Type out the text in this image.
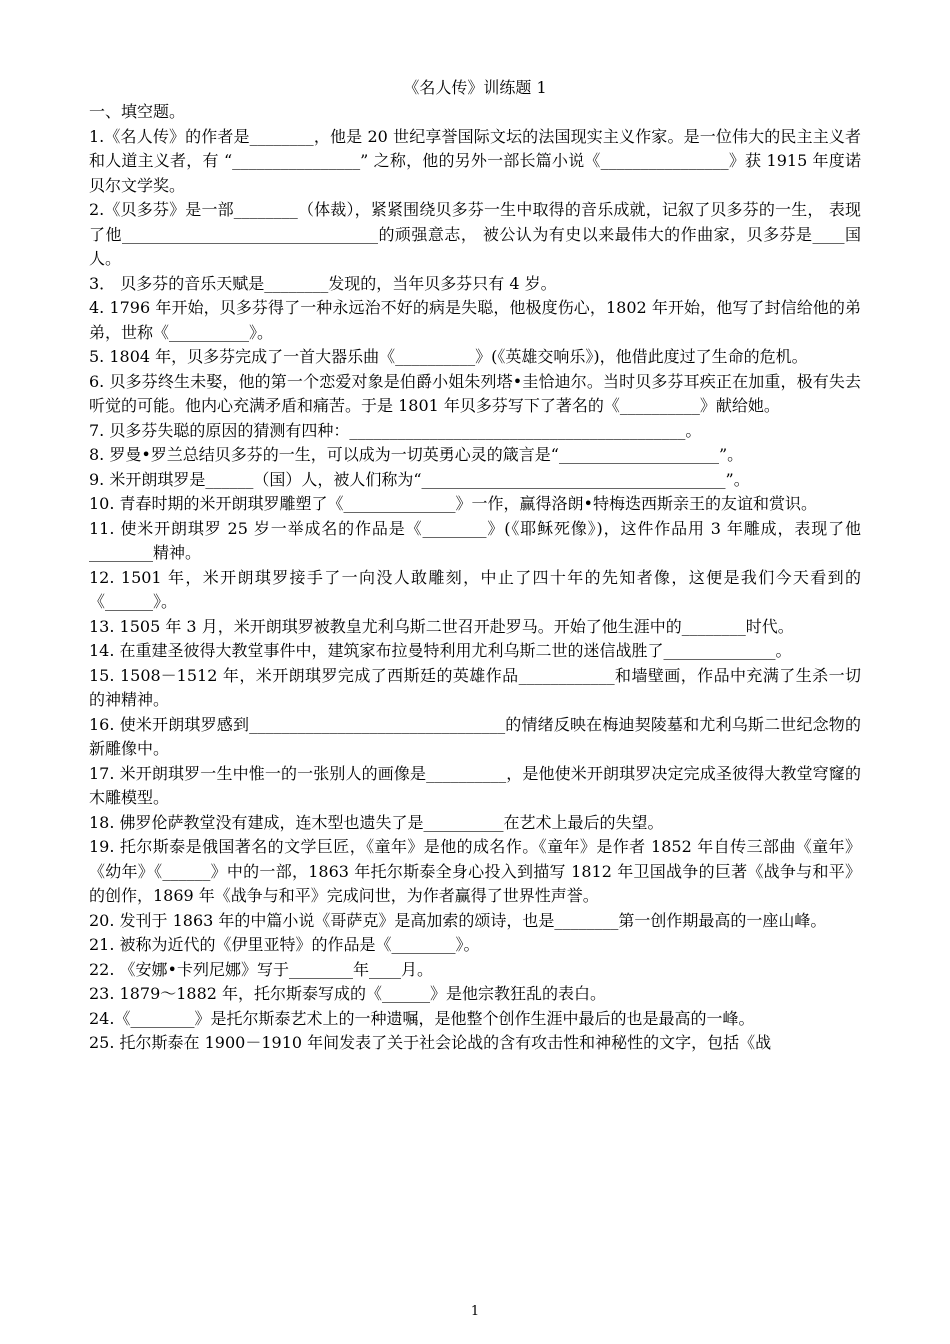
《名人传》训练题 1

一、填空题。

1.《名人传》的作者是________，他是 20 世纪享誉国际文坛的法国现实主义作家。是一位伟大的民主主义者和人道主义者，有 “________________” 之称，他的另外一部长篇小说《________________》获 1915 年度诺贝尔文学奖。

2.《贝多芬》是一部________（体裁），紧紧围绕贝多芬一生中取得的音乐成就，记叙了贝多芬的一生， 表现了他________________________________的顽强意志， 被公认为有史以来最伟大的作曲家，贝多芬是____国人。

3． 贝多芬的音乐天赋是________发现的，当年贝多芬只有 4 岁。

4. 1796 年开始，贝多芬得了一种永远治不好的病是失聪，他极度伤心，1802 年开始，他写了封信给他的弟弟，世称《__________》。

5. 1804 年，贝多芬完成了一首大器乐曲《__________》(《英雄交响乐》)，他借此度过了生命的危机。

6. 贝多芬终生未娶，他的第一个恋爱对象是伯爵小姐朱列塔•圭恰迪尔。当时贝多芬耳疾正在加重，极有失去听觉的可能。他内心充满矛盾和痛苦。于是 1801 年贝多芬写下了著名的《__________》献给她。

7. 贝多芬失聪的原因的猜测有四种：__________________________________________。

8. 罗曼•罗兰总结贝多芬的一生，可以成为一切英勇心灵的箴言是“____________________”。

9. 米开朗琪罗是______（国）人，被人们称为“______________________________________”。

10. 青春时期的米开朗琪罗雕塑了《______________》一作，赢得洛朗•特梅迭西斯亲王的友谊和赏识。

11. 使米开朗琪罗 25 岁一举成名的作品是《________》(《耶稣死像》)，这件作品用 3 年雕成，表现了他________精神。

12. 1501 年，米开朗琪罗接手了一向没人敢雕刻，中止了四十年的先知者像，这便是我们今天看到的《______》。

13. 1505 年 3 月，米开朗琪罗被教皇尤利乌斯二世召开赴罗马。开始了他生涯中的________时代。

14. 在重建圣彼得大教堂事件中，建筑家布拉曼特利用尤利乌斯二世的迷信战胜了______________。

15. 1508－1512 年，米开朗琪罗完成了西斯廷的英雄作品____________和墙壁画，作品中充满了生杀一切的神精神。

16. 使米开朗琪罗感到________________________________的情绪反映在梅迪契陵墓和尤利乌斯二世纪念物的新雕像中。

17. 米开朗琪罗一生中惟一的一张别人的画像是__________，是他使米开朗琪罗决定完成圣彼得大教堂穹窿的木雕模型。

18. 佛罗伦萨教堂没有建成，连木型也遗失了是__________在艺术上最后的失望。

19. 托尔斯泰是俄国著名的文学巨匠，《童年》是他的成名作。《童年》是作者 1852 年自传三部曲《童年》《幼年》《______》中的一部，1863 年托尔斯泰全身心投入到描写 1812 年卫国战争的巨著《战争与和平》的创作，1869 年《战争与和平》完成问世，为作者赢得了世界性声誉。

20. 发刊于 1863 年的中篇小说《哥萨克》是高加索的颂诗，也是________第一创作期最高的一座山峰。

21. 被称为近代的《伊里亚特》的作品是《________》。

22. 《安娜•卡列尼娜》写于________年____月。

23. 1879～1882 年，托尔斯泰写成的《______》是他宗教狂乱的表白。

24.《________》是托尔斯泰艺术上的一种遗嘱，是他整个创作生涯中最后的也是最高的一峰。

25. 托尔斯泰在 1900－1910 年间发表了关于社会论战的含有攻击性和神秘性的文字，包括《战

1
